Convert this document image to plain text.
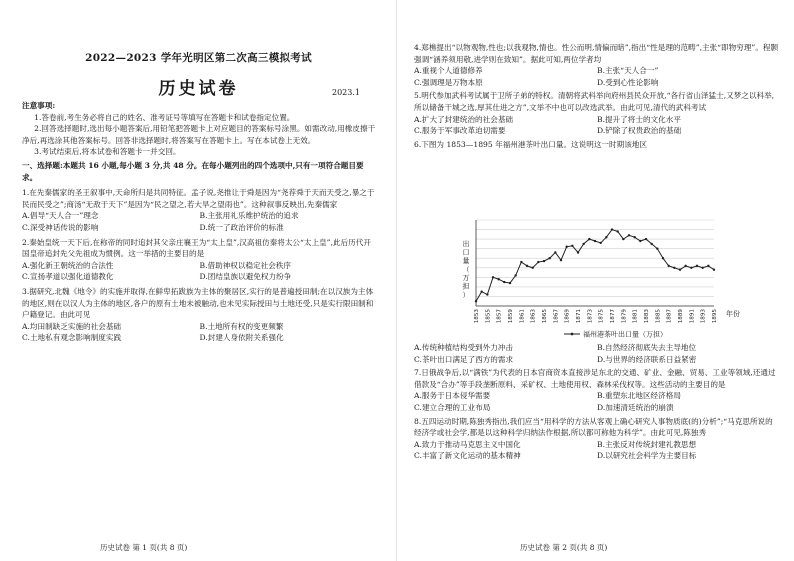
2022—2023 学年光明区第二次高三模拟考试
历史试卷	2023.1
注意事项:

1.答卷前,考生务必将自己的姓名、准考证号等填写在答题卡和试卷指定位置。

2.回答选择题时,选出每小题答案后,用铅笔把答题卡上对应题目的答案标号涂黑。如需改动,用橡皮擦干净后,再选涂其他答案标号。回答非选择题时,将答案写在答题卡上。写在本试卷上无效。

3.考试结束后,将本试卷和答题卡一并交回。

一、选择题:本题共 16 小题,每小题 3 分,共 48 分。在每小题列出的四个选项中,只有一项符合题目要求。

1.在先秦儒家的圣王叙事中,天命所归是共同特征。孟子说,尧推让于舜是因为“尧荐舜于天而天受之,暴之于民而民受之”;商汤“无敌于天下”是因为“民之望之,若大旱之望雨也”。这种叙事反映出,先秦儒家

A.倡导“天人合一”理念	B.主张用礼乐维护统治的追求
C.深受神话传说的影响	D.统一了政治评价的标准

2.秦始皇统一天下后,在称帝的同时追封其父亲庄襄王为“太上皇”,汉高祖仿秦将太公“太上皇”,此后历代开国皇帝追封先父先祖成为惯例。这一举措的主要目的是

A.强化新王朝统治的合法性	B.借助神权以稳定社会秩序
C.宣扬孝道以强化道德教化	D.团结皇族以避免权力纷争

3.据研究,北魏《地令》的实施并取得,在鲜卑拓跋族为主体的聚居区,实行的是普遍授田制;在以汉族为主体的地区,则在以汉人为主体的地区,各户的原有土地未被触动,也未见实际授田与土地还受,只是实行限田制和户籍登记。由此可见

A.均田制缺乏实施的社会基础	B.土地所有权的变更频繁
C.土地私有观念影响制度实践	D.封建人身依附关系强化
历史试卷 第 1 页(共 8 页)

4.郑樵提出“以物观物,性也;以我观物,情也。性公而明,情偏而暗”,指出“性是理的范畴”,主张“即物穷理”。程颢强调“涵养须用敬,进学则在致知”。据此可知,两位学者均

A.重视个人道德修养	B.主张“天人合一”
C.强调理是万物本原	D.受到心性论影响

5.明代参加武科考试属于卫所子弟的特权。清朝将武科举向府州县民众开放,“各行省山泽猛士,又梦之以科举,所以储备干城之选,厚其仕进之方”,文举不中也可以改选武举。由此可见,清代的武科考试

A.扩大了封建统治的社会基础	B.提升了将士的文化水平
C.服务于军事改革迫切需要	D.铲除了权贵政治的基础

6.下图为 1853—1895 年福州港茶叶出口量。这说明这一时期该地区

出
口
量
（
万
担
）
1853 1855 1857 1859 1861 1863 1865 1867 1869 1871 1873 1875 1877 1879 1881 1883 1885 1887 1889 1891 1893 1895 年份
福州港茶叶出口量（万担）
A.传统种植结构受到外力冲击	B.自然经济彻底失去主导地位
C.茶叶出口满足了西方的需求	D.与世界的经济联系日益紧密

7.日俄战争后,以“满铁”为代表的日本官商资本直接涉足东北的交通、矿业、金融、贸易、工业等领域,还通过借款及“合办”等手段垄断原料、采矿权、土地使用权、森林采伐权等。这些活动的主要目的是

A.服务于日本侵华需要	B.重塑东北地区经济格局
C.建立合理的工业布局	D.加速清廷统治的崩溃

8.五四运动时期,陈独秀指出,我们应当“用科学的方法从客观上确心研究人事物质底(的)分析”;“马克思所说的经济学或社会学,都是以这种科学归纳法作根据,所以都可称他为科学”。由此可见,陈独秀

A.致力于推动马克思主义中国化	B.主张反对传统封建礼教思想
C.丰富了新文化运动的基本精神	D.以研究社会科学为主要目标
历史试卷 第 2 页(共 8 页)
